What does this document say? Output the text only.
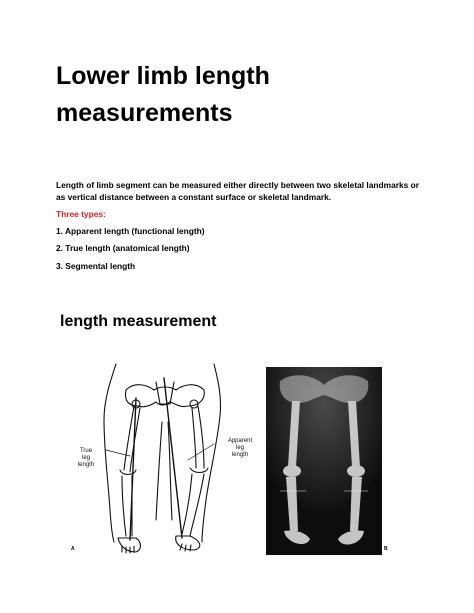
Lower limb length
measurements

Length of limb segment can be measured either directly between two skeletal landmarks or as vertical distance between a constant surface or skeletal landmark.

Three types:

1. Apparent length (functional length)

2. True length (anatomical length)

3. Segmental length

length measurement
True
leg
length
Apparent
leg
length
A	B
